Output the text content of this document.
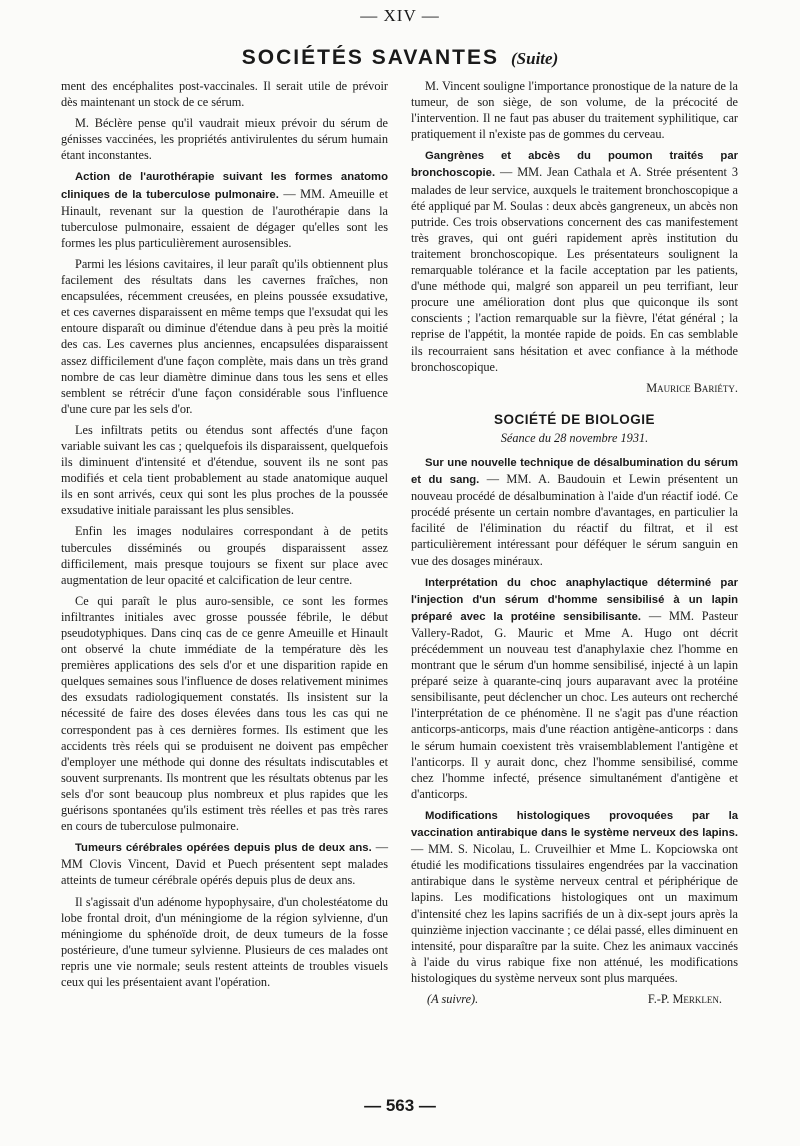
— XIV —
SOCIÉTÉS SAVANTES (Suite)

ment des encéphalites post-vaccinales. Il serait utile de prévoir dès maintenant un stock de ce sérum.

M. Béclère pense qu'il vaudrait mieux prévoir du sérum de génisses vaccinées, les propriétés antivirulentes du sérum humain étant inconstantes.

Action de l'aurothérapie suivant les formes anatomo cliniques de la tuberculose pulmonaire. — MM. Ameuille et Hinault, revenant sur la question de l'aurothérapie dans la tuberculose pulmonaire, essaient de dégager qu'elles sont les formes les plus particulièrement aurosensibles.

Parmi les lésions cavitaires, il leur paraît qu'ils obtiennent plus facilement des résultats dans les cavernes fraîches, non encapsulées, récemment creusées, en pleins poussée exsudative, et ces cavernes disparaissent en même temps que l'exsudat qui les entoure disparaît ou diminue d'étendue dans à peu près la moitié des cas. Les cavernes plus anciennes, encapsulées disparaissent assez difficilement d'une façon complète, mais dans un très grand nombre de cas leur diamètre diminue dans tous les sens et elles semblent se rétrécir d'une façon considérable sous l'influence d'une cure par les sels d'or.

Les infiltrats petits ou étendus sont affectés d'une façon variable suivant les cas ; quelquefois ils disparaissent, quelquefois ils diminuent d'intensité et d'étendue, souvent ils ne sont pas modifiés et cela tient probablement au stade anatomique auquel ils en sont arrivés, ceux qui sont les plus proches de la poussée exsudative initiale paraissant les plus sensibles.

Enfin les images nodulaires correspondant à de petits tubercules disséminés ou groupés disparaissent assez difficilement, mais presque toujours se fixent sur place avec augmentation de leur opacité et calcification de leur centre.

Ce qui paraît le plus auro-sensible, ce sont les formes infiltrantes initiales avec grosse poussée fébrile, le début pseudotyphiques. Dans cinq cas de ce genre Ameuille et Hinault ont observé la chute immédiate de la température dès les premières applications des sels d'or et une disparition rapide en quelques semaines sous l'influence de doses relativement minimes des exsudats radiologiquement constatés. Ils insistent sur la nécessité de faire des doses élevées dans tous les cas qui ne correspondent pas à ces dernières formes. Ils estiment que les accidents très réels qui se produisent ne doivent pas empêcher d'employer une méthode qui donne des résultats indiscutables et souvent surprenants. Ils montrent que les résultats obtenus par les sels d'or sont beaucoup plus nombreux et plus rapides que les guérisons spontanées qu'ils estiment très réelles et pas très rares en cours de tuberculose pulmonaire.

Tumeurs cérébrales opérées depuis plus de deux ans. — MM Clovis Vincent, David et Puech présentent sept malades atteints de tumeur cérébrale opérés depuis plus de deux ans.

Il s'agissait d'un adénome hypophysaire, d'un cholestéatome du lobe frontal droit, d'un méningiome de la région sylvienne, d'un méningiome du sphénoïde droit, de deux tumeurs de la fosse postérieure, d'une tumeur sylvienne. Plusieurs de ces malades ont repris une vie normale; seuls restent atteints de troubles visuels ceux qui les présentaient avant l'opération.

M. Vincent souligne l'importance pronostique de la nature de la tumeur, de son siège, de son volume, de la précocité de l'intervention. Il ne faut pas abuser du traitement syphilitique, car pratiquement il n'existe pas de gommes du cerveau.

Gangrènes et abcès du poumon traités par bronchoscopie. — MM. Jean Cathala et A. Strée présentent 3 malades de leur service, auxquels le traitement bronchoscopique a été appliqué par M. Soulas : deux abcès gangreneux, un abcès non putride. Ces trois observations concernent des cas manifestement très graves, qui ont guéri rapidement après institution du traitement bronchoscopique. Les présentateurs soulignent la remarquable tolérance et la facile acceptation par les patients, d'une méthode qui, malgré son appareil un peu terrifiant, leur procure une amélioration dont plus que quiconque ils sont conscients ; l'action remarquable sur la fièvre, l'état général ; la reprise de l'appétit, la montée rapide de poids. En cas semblable ils recourraient sans hésitation et avec confiance à la méthode bronchoscopique.

Maurice Bariéty.
SOCIÉTÉ DE BIOLOGIE
Séance du 28 novembre 1931.

Sur une nouvelle technique de désalbumination du sérum et du sang. — MM. A. Baudouin et Lewin présentent un nouveau procédé de désalbumination à l'aide d'un réactif iodé. Ce procédé présente un certain nombre d'avantages, en particulier la facilité de l'élimination du réactif du filtrat, et il est particulièrement intéressant pour déféquer le sérum sanguin en vue des dosages minéraux.

Interprétation du choc anaphylactique déterminé par l'injection d'un sérum d'homme sensibilisé à un lapin préparé avec la protéine sensibilisante. — MM. Pasteur Vallery-Radot, G. Mauric et Mme A. Hugo ont décrit précédemment un nouveau test d'anaphylaxie chez l'homme en montrant que le sérum d'un homme sensibilisé, injecté à un lapin préparé seize à quarante-cinq jours auparavant avec la protéine sensibilisante, peut déclencher un choc. Les auteurs ont recherché l'interprétation de ce phénomène. Il ne s'agit pas d'une réaction anticorps-anticorps, mais d'une réaction antigène-anticorps : dans le sérum humain coexistent très vraisemblablement l'antigène et l'anticorps. Il y aurait donc, chez l'homme sensibilisé, comme chez l'homme infecté, présence simultanément d'antigène et d'anticorps.

Modifications histologiques provoquées par la vaccination antirabique dans le système nerveux des lapins. — MM. S. Nicolau, L. Cruveilhier et Mme L. Kopciowska ont étudié les modifications tissulaires engendrées par la vaccination antirabique dans le système nerveux central et périphérique de lapins. Les modifications histologiques ont un maximum d'intensité chez les lapins sacrifiés de un à dix-sept jours après la quinzième injection vaccinante ; ce délai passé, elles diminuent en intensité, pour disparaître par la suite. Chez les animaux vaccinés à l'aide du virus rabique fixe non atténué, les modifications histologiques du système nerveux sont plus marquées.

(A suivre).	F.-P. Merklen.
— 563 —
